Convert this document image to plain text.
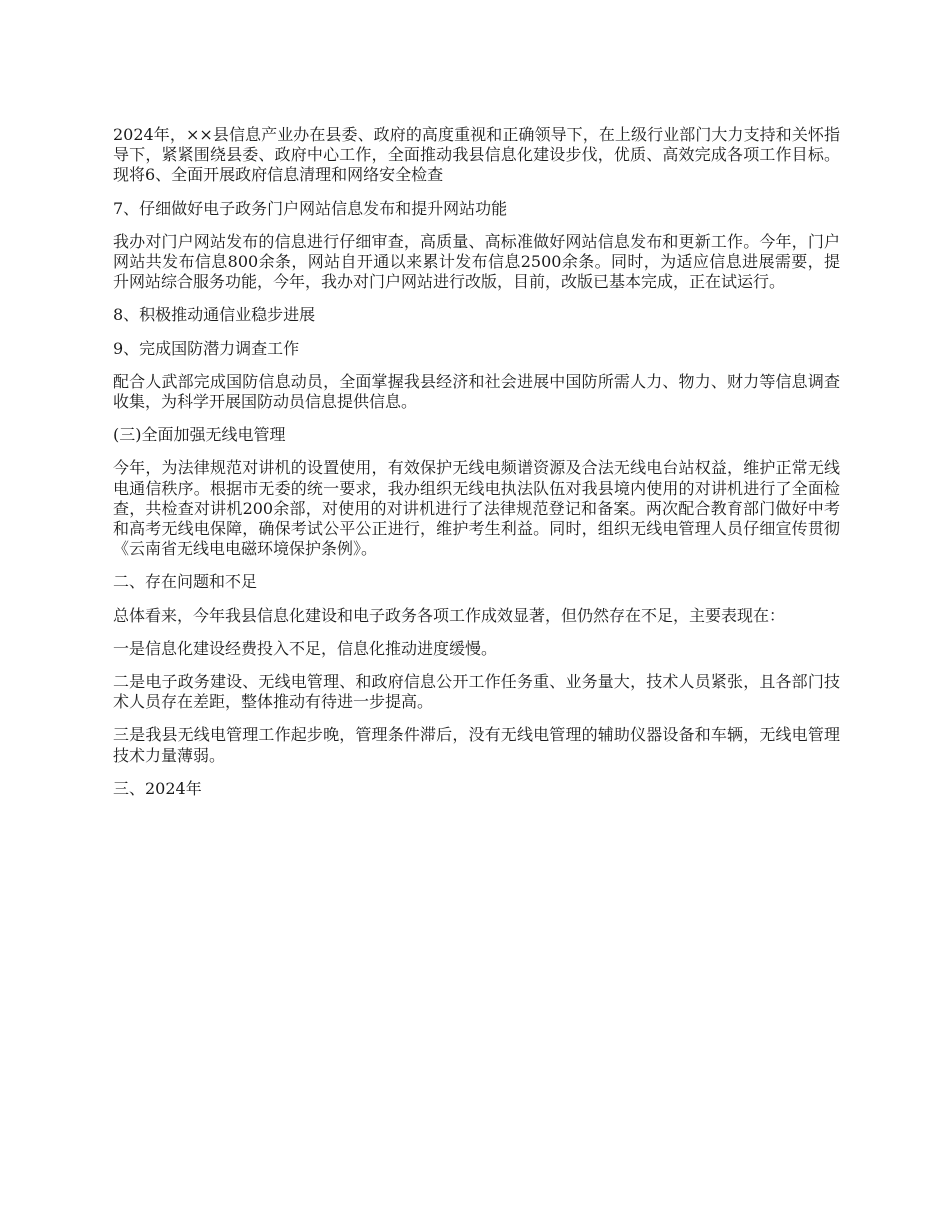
2024年，××县信息产业办在县委、政府的高度重视和正确领导下，在上级行业部门大力支持和关怀指导下，紧紧围绕县委、政府中心工作，全面推动我县信息化建设步伐，优质、高效完成各项工作目标。现将6、全面开展政府信息清理和网络安全检查

7、仔细做好电子政务门户网站信息发布和提升网站功能

我办对门户网站发布的信息进行仔细审查，高质量、高标准做好网站信息发布和更新工作。今年，门户网站共发布信息800余条，网站自开通以来累计发布信息2500余条。同时，为适应信息进展需要，提升网站综合服务功能，今年，我办对门户网站进行改版，目前，改版已基本完成，正在试运行。

8、积极推动通信业稳步进展

9、完成国防潜力调查工作

配合人武部完成国防信息动员，全面掌握我县经济和社会进展中国防所需人力、物力、财力等信息调查收集，为科学开展国防动员信息提供信息。

(三)全面加强无线电管理

今年，为法律规范对讲机的设置使用，有效保护无线电频谱资源及合法无线电台站权益，维护正常无线电通信秩序。根据市无委的统一要求，我办组织无线电执法队伍对我县境内使用的对讲机进行了全面检查，共检查对讲机200余部，对使用的对讲机进行了法律规范登记和备案。两次配合教育部门做好中考和高考无线电保障，确保考试公平公正进行，维护考生利益。同时，组织无线电管理人员仔细宣传贯彻《云南省无线电电磁环境保护条例》。

二、存在问题和不足

总体看来，今年我县信息化建设和电子政务各项工作成效显著，但仍然存在不足，主要表现在：

一是信息化建设经费投入不足，信息化推动进度缓慢。

二是电子政务建设、无线电管理、和政府信息公开工作任务重、业务量大，技术人员紧张，且各部门技术人员存在差距，整体推动有待进一步提高。

三是我县无线电管理工作起步晚，管理条件滞后，没有无线电管理的辅助仪器设备和车辆，无线电管理技术力量薄弱。

三、2024年
